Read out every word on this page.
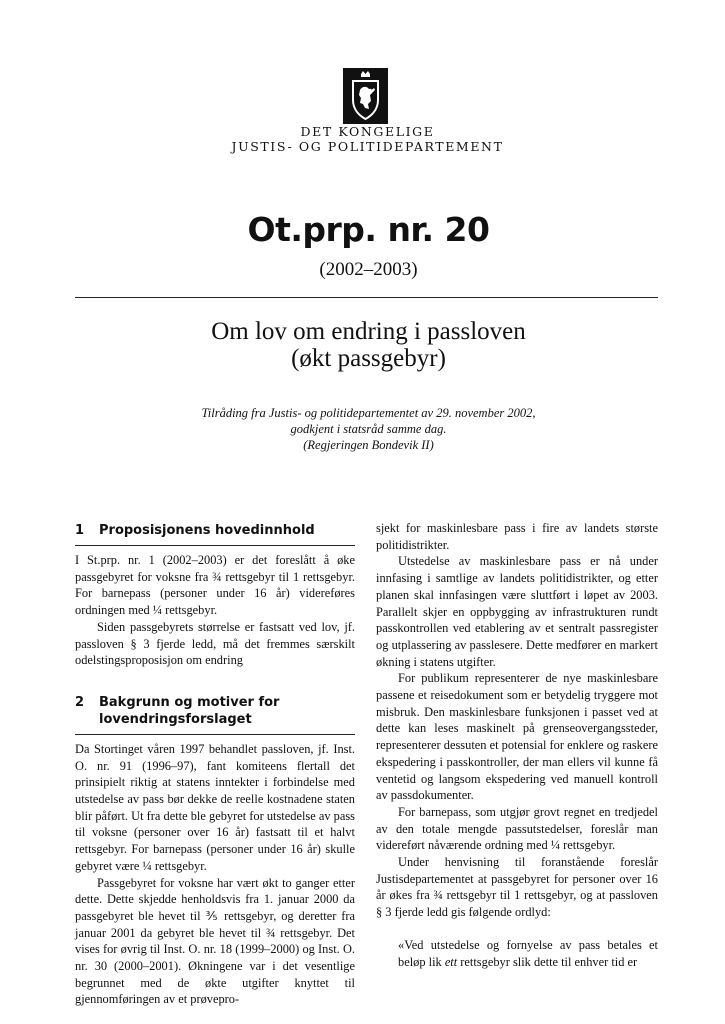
DET KONGELIGE
JUSTIS- OG POLITIDEPARTEMENT
Ot.prp. nr. 20
(2002–2003)
Om lov om endring i passloven
(økt passgebyr)
Tilråding fra Justis- og politidepartementet av 29. november 2002,
godkjent i statsråd samme dag.
(Regjeringen Bondevik II)
1	Proposisjonens hovedinnhold

I St.prp. nr. 1 (2002–2003) er det foreslått å øke passgebyret for voksne fra ¾ rettsgebyr til 1 rettsgebyr. For barnepass (personer under 16 år) videreføres ordningen med ¼ rettsgebyr.

Siden passgebyrets størrelse er fastsatt ved lov, jf. passloven § 3 fjerde ledd, må det fremmes særskilt odelstingsproposisjon om endring

2	Bakgrunn og motiver for lovendringsforslaget

Da Stortinget våren 1997 behandlet passloven, jf. Inst. O. nr. 91 (1996–97), fant komiteens flertall det prinsipielt riktig at statens inntekter i forbindelse med utstedelse av pass bør dekke de reelle kostnadene staten blir påført. Ut fra dette ble gebyret for utstedelse av pass til voksne (personer over 16 år) fastsatt til et halvt rettsgebyr. For barnepass (personer under 16 år) skulle gebyret være ¼ rettsgebyr.

Passgebyret for voksne har vært økt to ganger etter dette. Dette skjedde henholdsvis fra 1. januar 2000 da passgebyret ble hevet til ⅗ rettsgebyr, og deretter fra januar 2001 da gebyret ble hevet til ¾ rettsgebyr. Det vises for øvrig til Inst. O. nr. 18 (1999–2000) og Inst. O. nr. 30 (2000–2001). Økningene var i det vesentlige begrunnet med de økte utgifter knyttet til gjennomføringen av et prøvepro-

sjekt for maskinlesbare pass i fire av landets største politidistrikter.

Utstedelse av maskinlesbare pass er nå under innfasing i samtlige av landets politidistrikter, og etter planen skal innfasingen være sluttført i løpet av 2003. Parallelt skjer en oppbygging av infrastrukturen rundt passkontrollen ved etablering av et sentralt passregister og utplassering av passlesere. Dette medfører en markert økning i statens utgifter.

For publikum representerer de nye maskinlesbare passene et reisedokument som er betydelig tryggere mot misbruk. Den maskinlesbare funksjonen i passet ved at dette kan leses maskinelt på grenseovergangssteder, representerer dessuten et potensial for enklere og raskere ekspedering i passkontroller, der man ellers vil kunne få ventetid og langsom ekspedering ved manuell kontroll av passdokumenter.

For barnepass, som utgjør grovt regnet en tredjedel av den totale mengde passutstedelser, foreslår man videreført nåværende ordning med ¼ rettsgebyr.

Under henvisning til foranstående foreslår Justisdepartementet at passgebyret for personer over 16 år økes fra ¾ rettsgebyr til 1 rettsgebyr, og at passloven § 3 fjerde ledd gis følgende ordlyd:

«Ved utstedelse og fornyelse av pass betales et beløp lik ett rettsgebyr slik dette til enhver tid er
